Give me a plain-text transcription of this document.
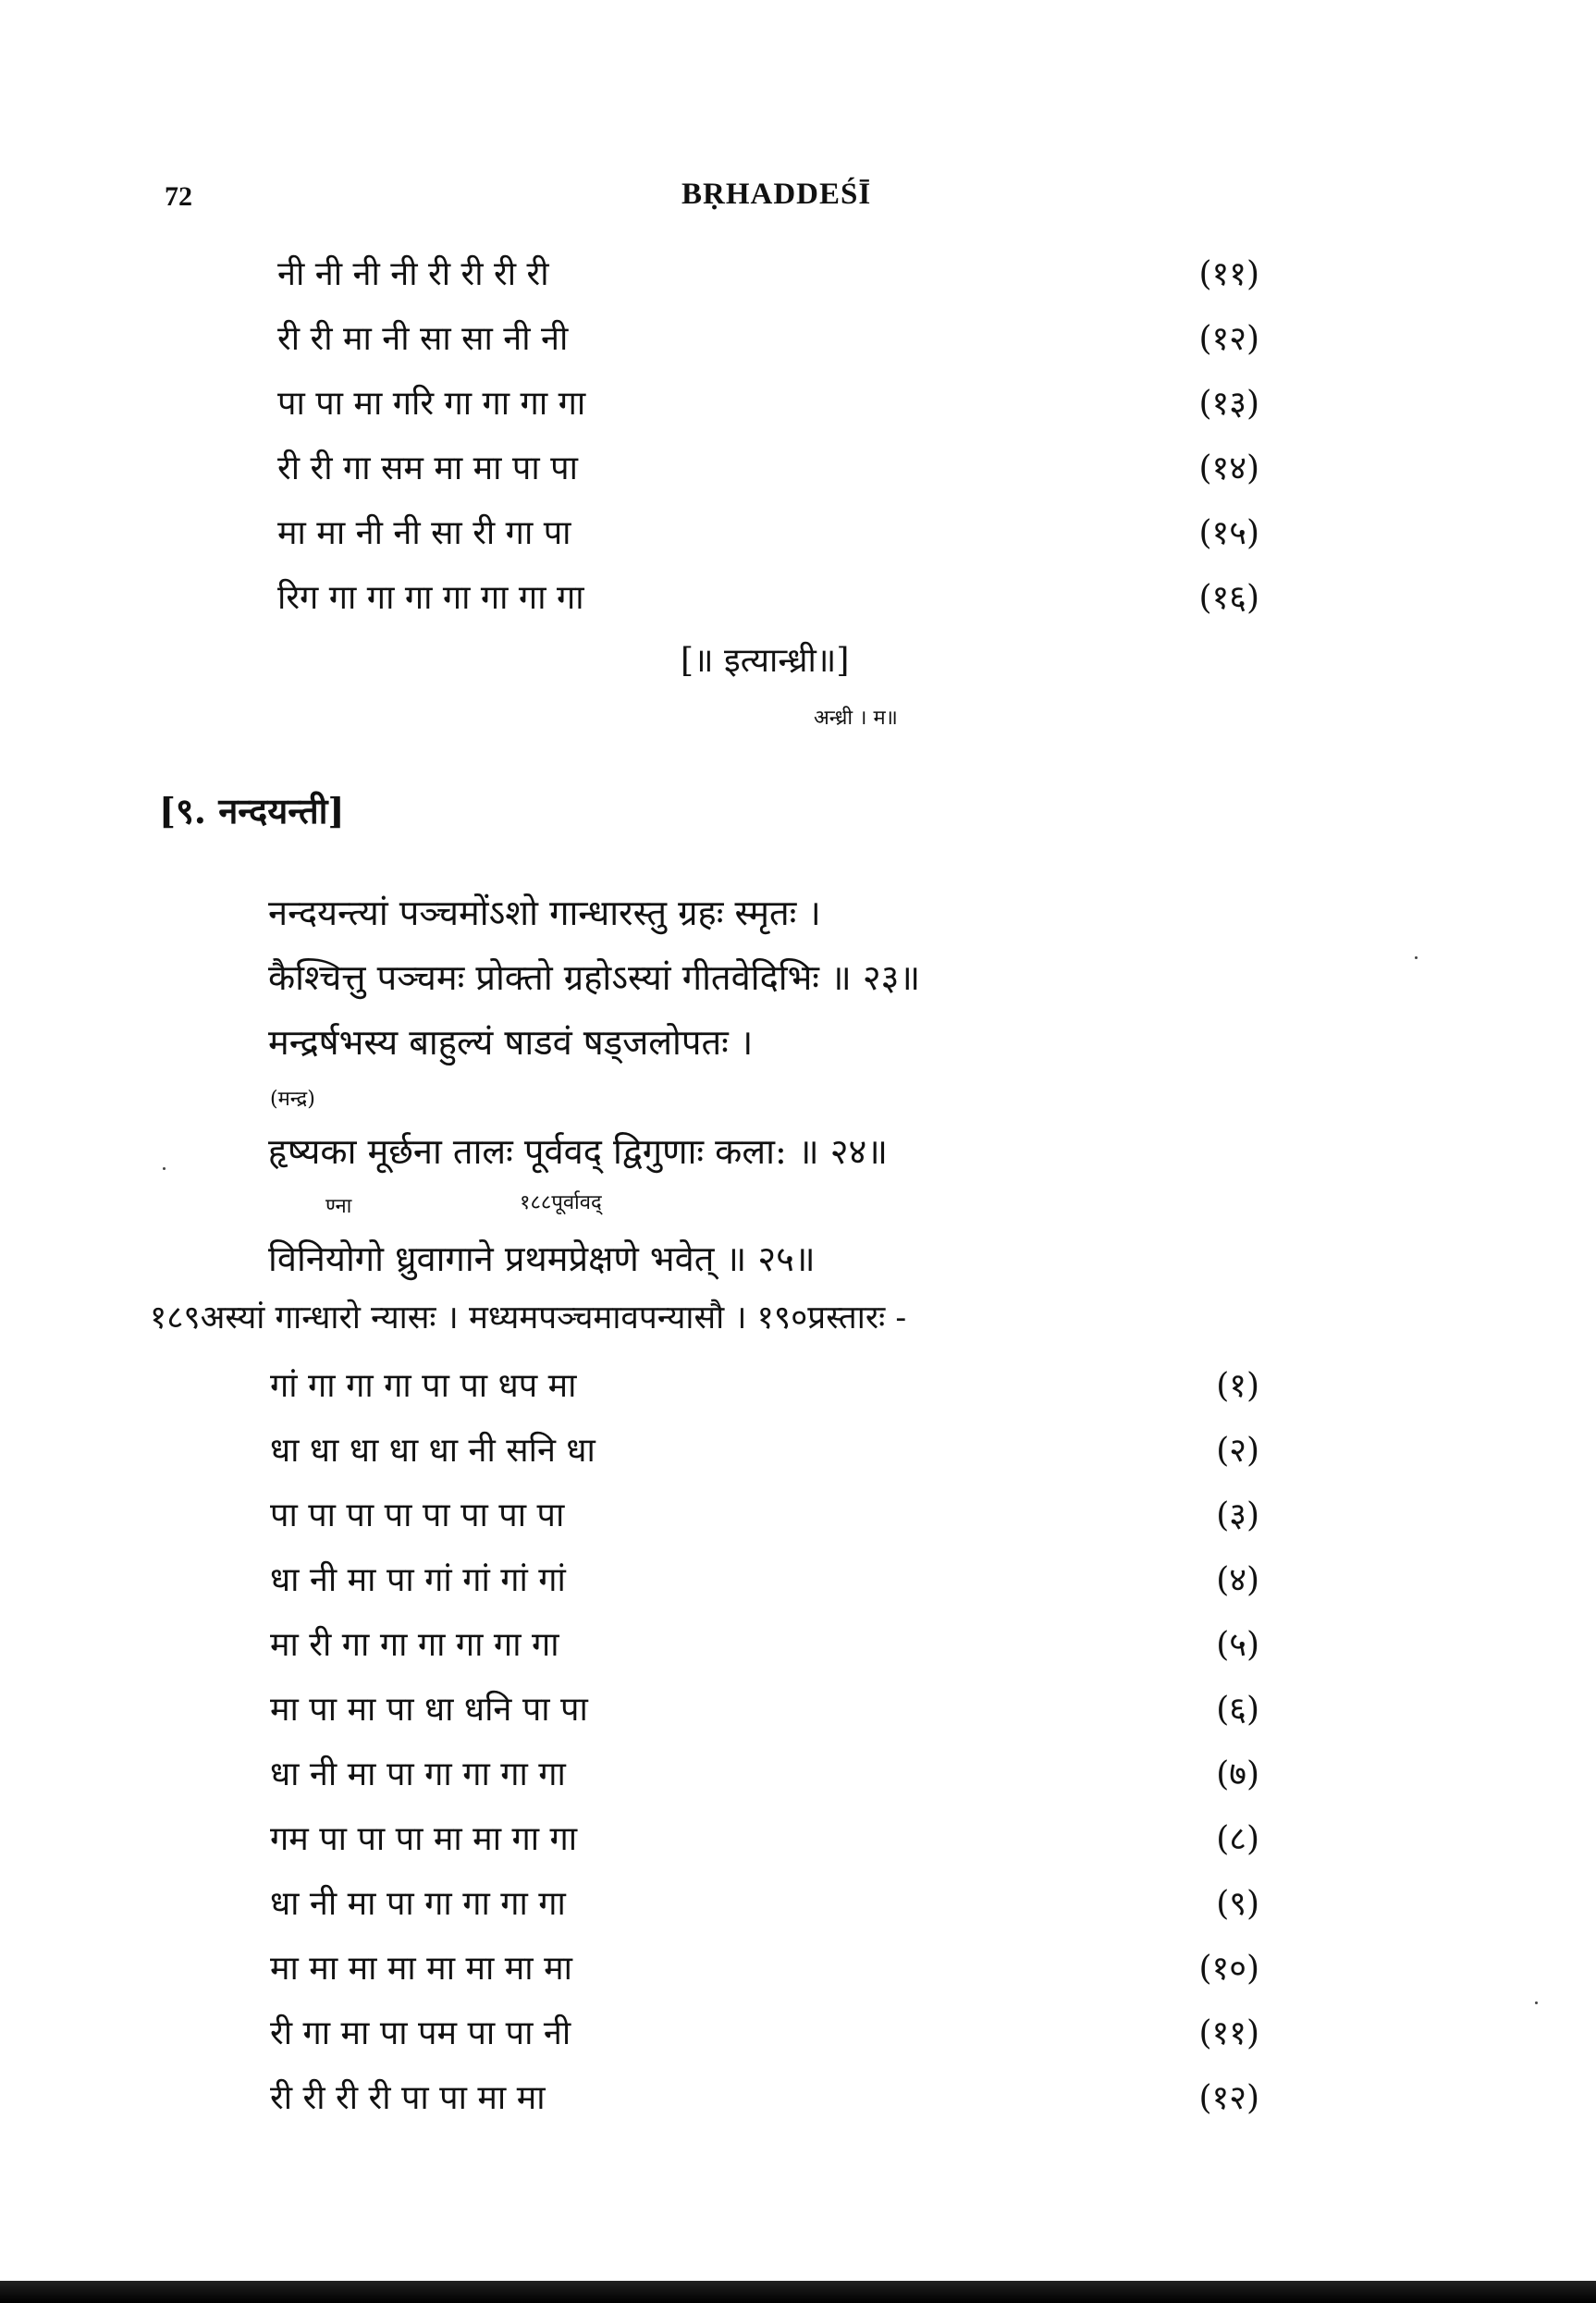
72	BṚHADDEŚĪ
नी नी नी नी री री री री	(११)
री री मा नी सा सा नी नी	(१२)
पा पा मा गरि गा गा गा गा	(१३)
री री गा सम मा मा पा पा	(१४)
मा मा नी नी सा री गा पा	(१५)
रिग गा गा गा गा गा गा गा	(१६)
[॥ इत्यान्ध्री॥]
अन्ध्री । म॥
[९. नन्दयन्ती]
नन्दयन्त्यां पञ्चमोंऽशो गान्धारस्तु ग्रहः स्मृतः ।
कैश्चित्तु पञ्चमः प्रोक्तो ग्रहोऽस्यां गीतवेदिभिः ॥ २३॥
मन्द्रर्षभस्य बाहुल्यं षाडवं षड्जलोपतः ।
(मन्द्र)
हृष्यका मूर्छना तालः पूर्ववद् द्विगुणाः कला: ॥ २४॥
ण्ना	१८८पूर्वावद्
विनियोगो ध्रुवागाने प्रथमप्रेक्षणे भवेत् ॥ २५॥
१८९अस्यां गान्धारो न्यासः । मध्यमपञ्चमावपन्यासौ । १९०प्रस्तारः -
गां गा गा गा पा पा धप मा	(१)
धा धा धा धा धा नी सनि धा	(२)
पा पा पा पा पा पा पा पा	(३)
धा नी मा पा गां गां गां गां	(४)
मा री गा गा गा गा गा गा	(५)
मा पा मा पा धा धनि पा पा	(६)
धा नी मा पा गा गा गा गा	(७)
गम पा पा पा मा मा गा गा	(८)
धा नी मा पा गा गा गा गा	(९)
मा मा मा मा मा मा मा मा	(१०)
री गा मा पा पम पा पा नी	(११)
री री री री पा पा मा मा	(१२)
